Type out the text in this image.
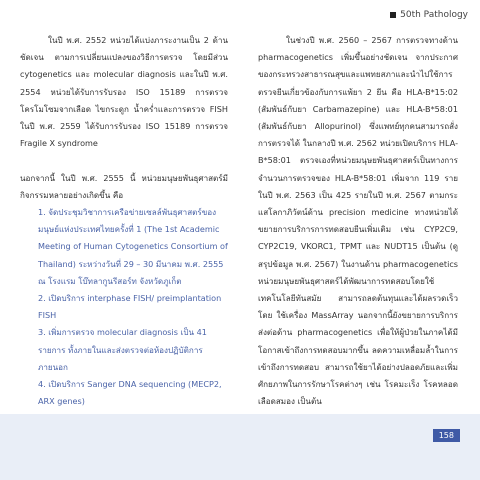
50th Pathology

ในปี พ.ศ. 2552 หน่วยได้แบ่งภาระงานเป็น 2 ด้านชัดเจน ตามการเปลี่ยนแปลงของวิธีการตรวจ โดยมีส่วน cytogenetics และ molecular diagnosis และในปี พ.ศ. 2554 หน่วยได้รับการรับรอง ISO 15189 การตรวจโครโมโซมจากเลือด ไขกระดูก น้ำคร่ำและการตรวจ FISH ในปี พ.ศ. 2559 ได้รับการรับรอง ISO 15189 การตรวจ Fragile X syndrome

นอกจากนี้ ในปี พ.ศ. 2555 นี้ หน่วยมนุษยพันธุศาสตร์มีกิจกรรมหลายอย่างเกิดขึ้น คือ

1. จัดประชุมวิชาการเครือข่ายเซลล์พันธุศาสตร์ของมนุษย์แห่งประเทศไทยครั้งที่ 1 (The 1st Academic Meeting of Human Cytogenetics Consortium of Thailand) ระหว่างวันที่ 29 – 30 มีนาคม พ.ศ. 2555 ณ โรงแรม โบ๊ทลากูนรีสอร์ท จังหวัดภูเก็ต
2. เปิดบริการ interphase FISH/ preimplantation FISH
3. เพิ่มการตรวจ molecular diagnosis เป็น 41 รายการ ทั้งภายในและส่งตรวจต่อห้องปฏิบัติการภายนอก
4. เปิดบริการ Sanger DNA sequencing (MECP2, ARX genes)

ในช่วงปี พ.ศ. 2560 – 2567 การตรวจทางด้าน pharmacogenetics เพิ่มขึ้นอย่างชัดเจน จากประกาศของกระทรวงสาธารณสุขและแพทยสภาและนำไปใช้การตรวจยีนเกี่ยวข้องกับการแพ้ยา 2 ยีน คือ HLA-B*15:02 (สัมพันธ์กับยา Carbamazepine) และ HLA-B*58:01 (สัมพันธ์กับยา Allopurinol) ซึ่งแพทย์ทุกคนสามารถสั่งการตรวจได้ ในกลางปี พ.ศ. 2562 หน่วยเปิดบริการ HLA-B*58:01 ตรวจเองที่หน่วยมนุษยพันธุศาสตร์เป็นทางการ จำนวนการตรวจของ HLA-B*58:01 เพิ่มจาก 119 รายในปี พ.ศ. 2563 เป็น 425 รายในปี พ.ศ. 2567 ตามกระแสโลกาภิวัตน์ด้าน precision medicine ทางหน่วยได้ขยายการบริการการทดสอบยีนเพิ่มเติม เช่น CYP2C9, CYP2C19, VKORC1, TPMT และ NUDT15 เป็นต้น (ดูสรุปข้อมูล พ.ศ. 2567) ในงานด้าน pharmacogenetics หน่วยมนุษยพันธุศาสตร์ได้พัฒนาการทดสอบโดยใช้เทคโนโลยีทันสมัย สามารถลดต้นทุนและได้ผลรวดเร็วโดย ใช้เครื่อง MassArray นอกจากนี้ยังขยายการบริการส่งต่อด้าน pharmacogenetics เพื่อให้ผู้ป่วยในภาคได้มีโอกาสเข้าถึงการทดสอบมากขึ้น ลดความเหลื่อมล้ำในการเข้าถึงการทดสอบ สามารถใช้ยาได้อย่างปลอดภัยและเพิ่มศักยภาพในการรักษาโรคต่างๆ เช่น โรคมะเร็ง โรคหลอดเลือดสมอง เป็นต้น

158
